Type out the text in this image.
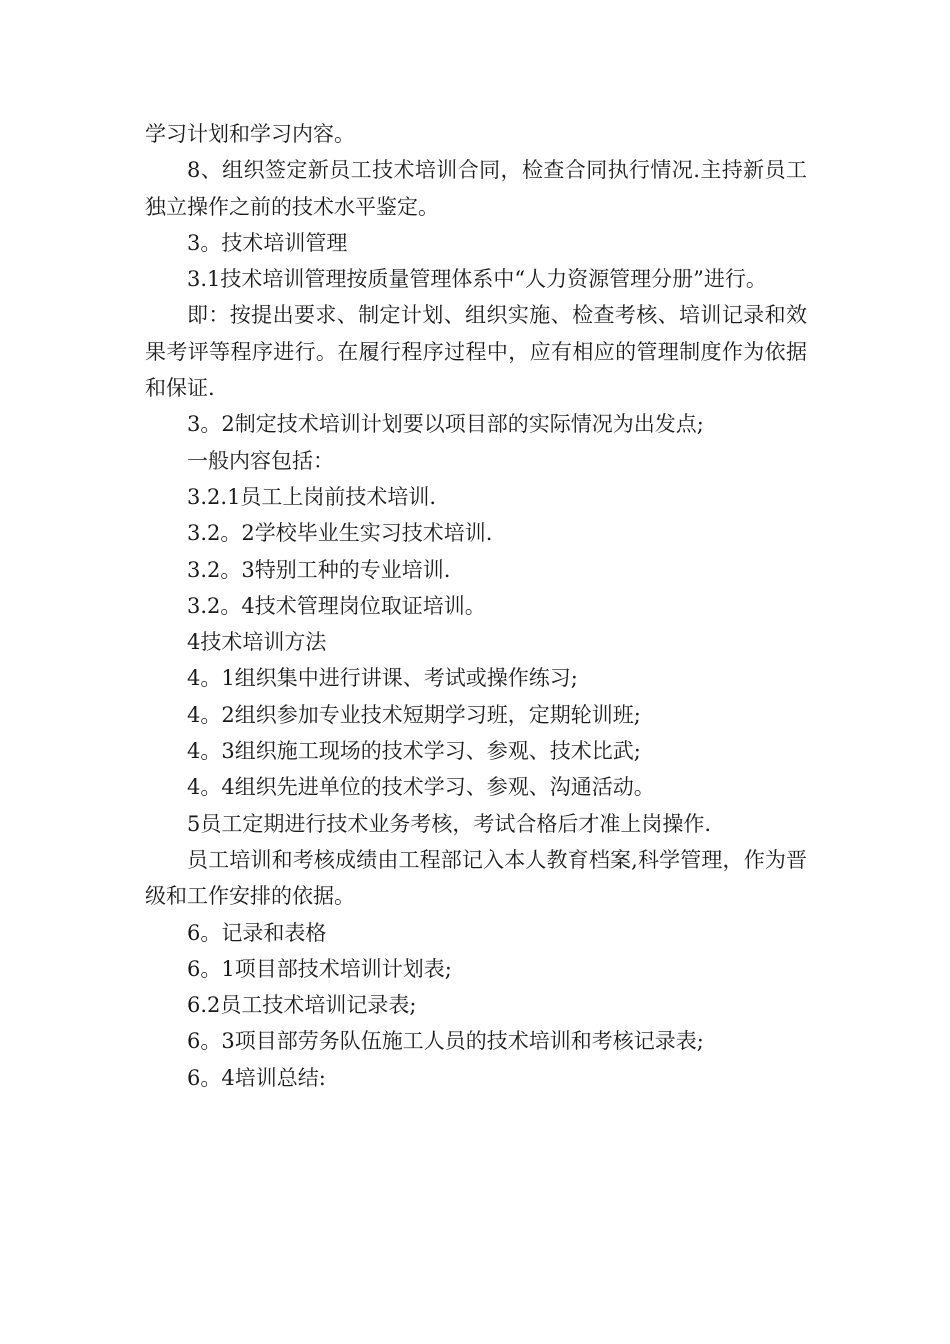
学习计划和学习内容。

8、组织签定新员工技术培训合同，检查合同执行情况.主持新员工独立操作之前的技术水平鉴定。

3。技术培训管理

3.1技术培训管理按质量管理体系中“人力资源管理分册”进行。

即：按提出要求、制定计划、组织实施、检查考核、培训记录和效果考评等程序进行。在履行程序过程中，应有相应的管理制度作为依据和保证.

3。2制定技术培训计划要以项目部的实际情况为出发点;

一般内容包括：

3.2.1员工上岗前技术培训.

3.2。2学校毕业生实习技术培训.

3.2。3特别工种的专业培训.

3.2。4技术管理岗位取证培训。

4技术培训方法

4。1组织集中进行讲课、考试或操作练习;

4。2组织参加专业技术短期学习班，定期轮训班;

4。3组织施工现场的技术学习、参观、技术比武;

4。4组织先进单位的技术学习、参观、沟通活动。

5员工定期进行技术业务考核，考试合格后才准上岗操作.

员工培训和考核成绩由工程部记入本人教育档案,科学管理，作为晋级和工作安排的依据。

6。记录和表格

6。1项目部技术培训计划表;

6.2员工技术培训记录表;

6。3项目部劳务队伍施工人员的技术培训和考核记录表;

6。4培训总结:
